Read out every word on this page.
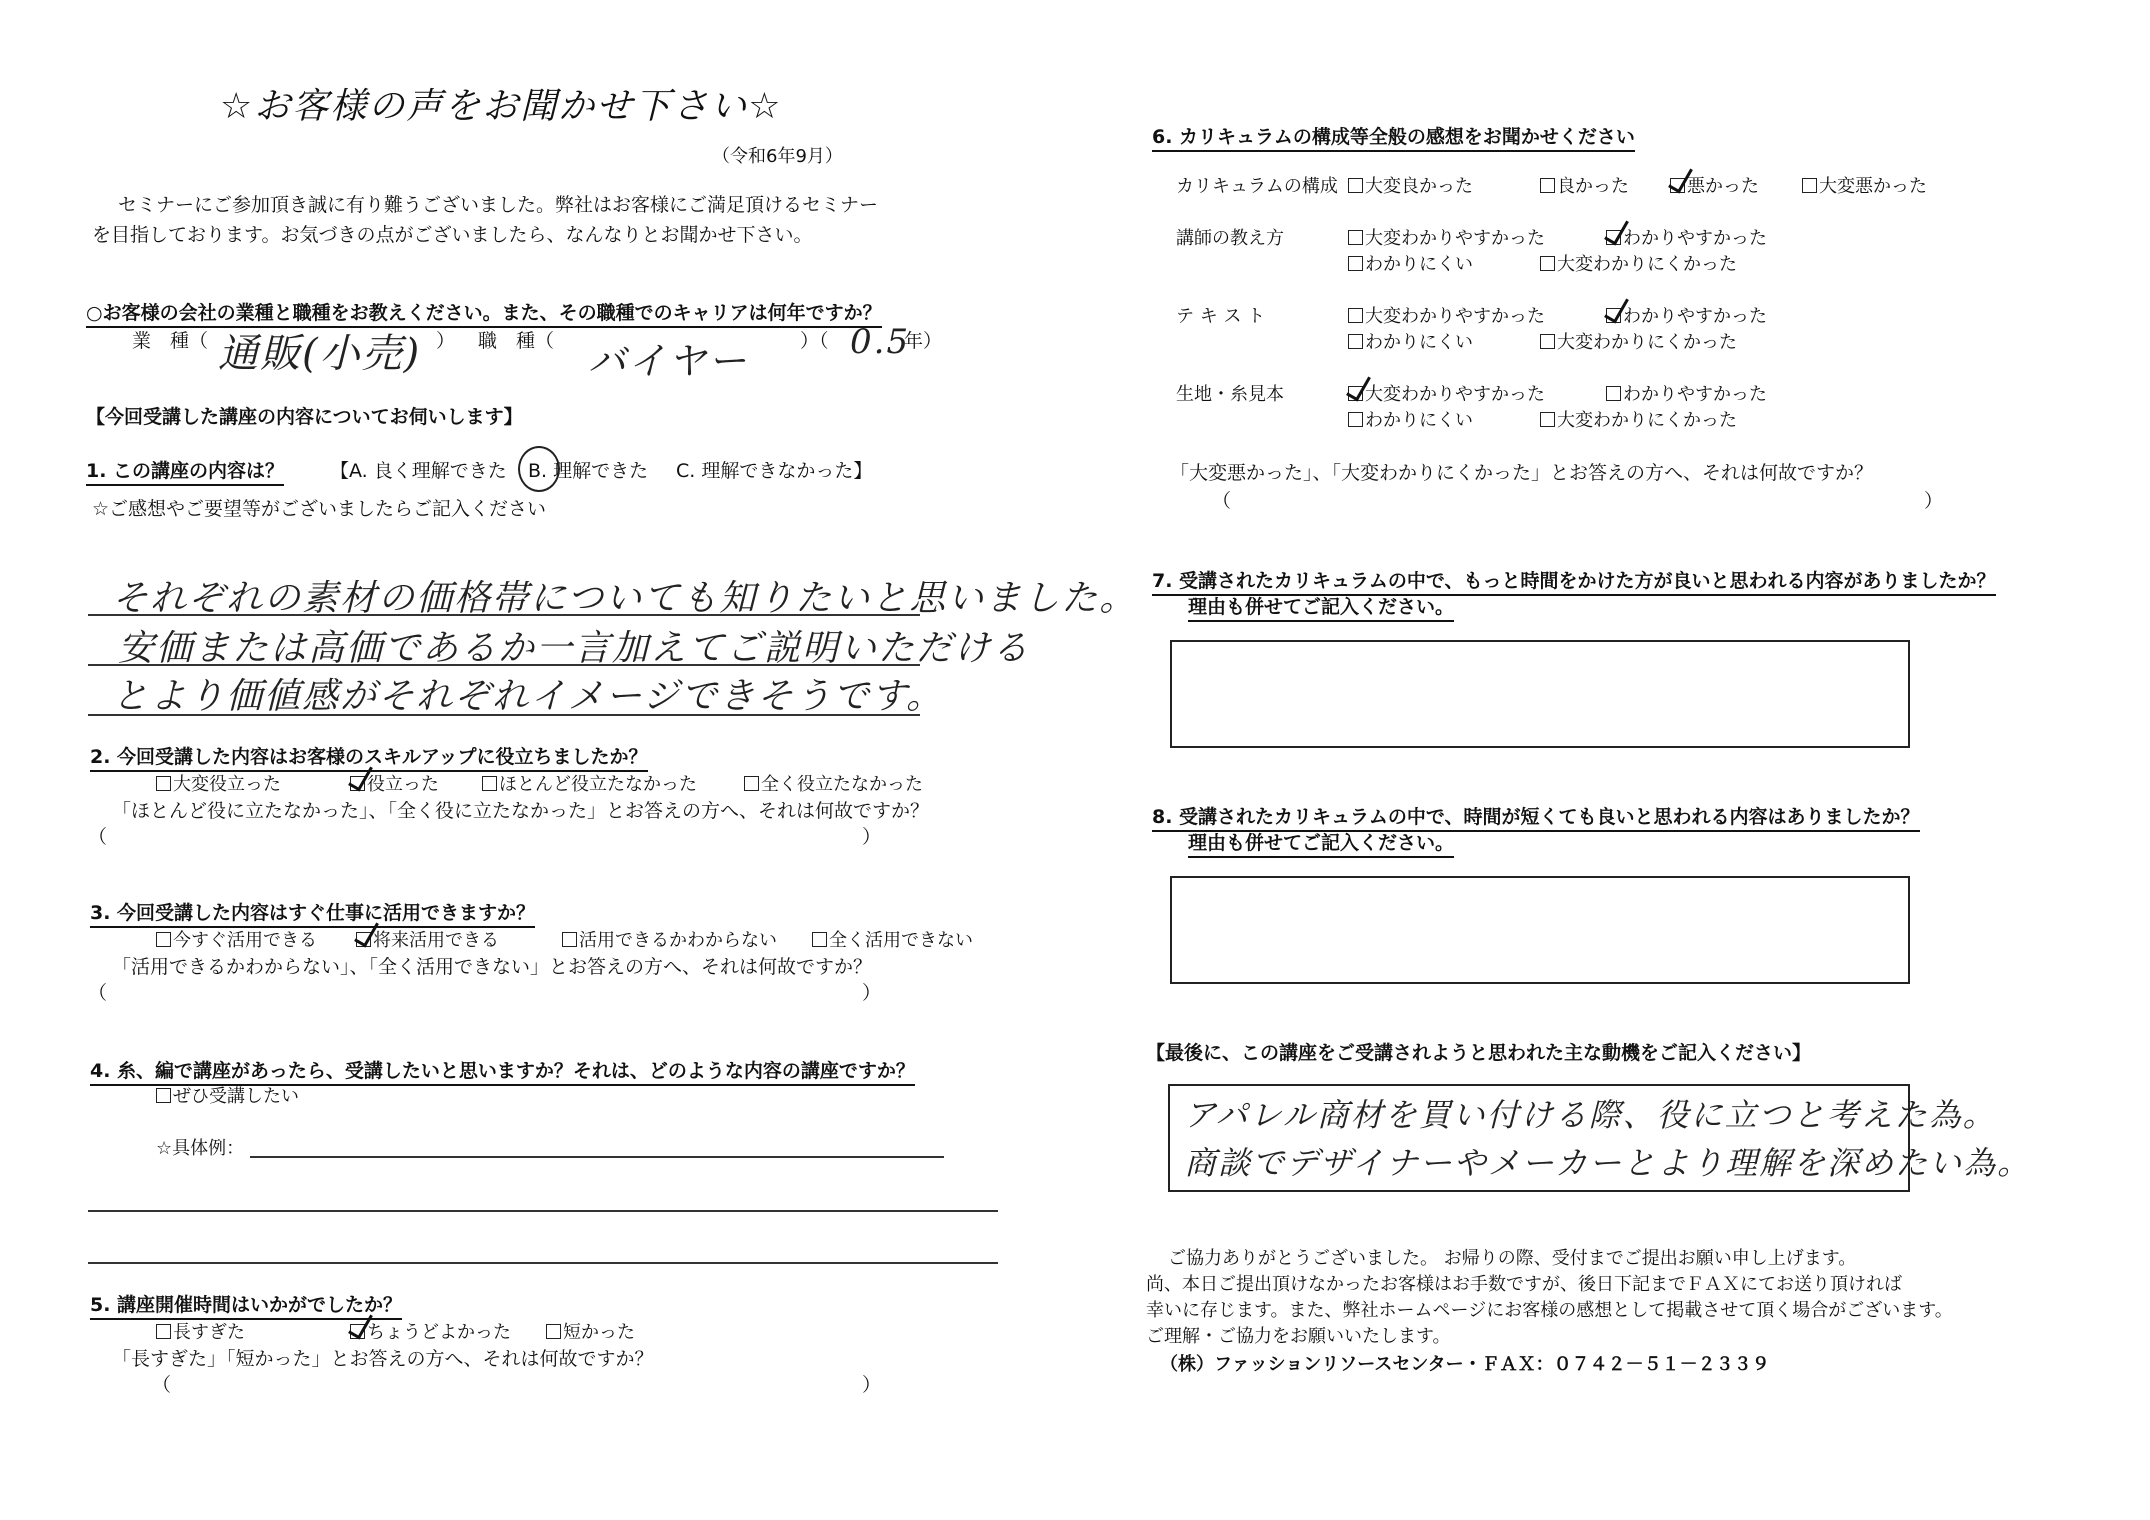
☆お客様の声をお聞かせ下さい☆
（令和6年9月）
セミナーにご参加頂き誠に有り難うございました。弊社はお客様にご満足頂けるセミナー
を目指しております。お気づきの点がございましたら、なんなりとお聞かせ下さい。
○お客様の会社の業種と職種をお教えください。また、その職種でのキャリアは何年ですか？
業　種（ 通販(小売) ） 職　種（ バイヤー	）（ 0.5
年）
【今回受講した講座の内容についてお伺いします】
1. この講座の内容は？ 【A. 良く理解できた B. 理解できた C. 理解できなかった】
☆ご感想やご要望等がございましたらご記入ください
それぞれの素材の価格帯についても知りたいと思いました。
安価または高価であるか一言加えてご説明いただける
とより価値感がそれぞれイメージできそうです。
2. 今回受講した内容はお客様のスキルアップに役立ちましたか？
大変役立った	役立った	ほとんど役立たなかった	全く役立たなかった
「ほとんど役に立たなかった」、「全く役に立たなかった」とお答えの方へ、それは何故ですか？
（	）
3. 今回受講した内容はすぐ仕事に活用できますか？
今すぐ活用できる	将来活用できる	活用できるかわからない	全く活用できない
「活用できるかわからない」、「全く活用できない」とお答えの方へ、それは何故ですか？
（	）
4. 糸、編で講座があったら、受講したいと思いますか？それは、どのような内容の講座ですか？
ぜひ受講したい
☆具体例：
5. 講座開催時間はいかがでしたか？
長すぎた	ちょうどよかった	短かった
「長すぎた」「短かった」とお答えの方へ、それは何故ですか？
（	）
6. カリキュラムの構成等全般の感想をお聞かせください
カリキュラムの構成	大変良かった	良かった	悪かった	大変悪かった
講師の教え方	大変わかりやすかった	わかりやすかった
わかりにくい	大変わかりにくかった
テ キ ス ト	大変わかりやすかった	わかりやすかった
わかりにくい	大変わかりにくかった
生地・糸見本	大変わかりやすかった	わかりやすかった
わかりにくい	大変わかりにくかった
「大変悪かった」、「大変わかりにくかった」とお答えの方へ、それは何故ですか？
（	）
7. 受講されたカリキュラムの中で、もっと時間をかけた方が良いと思われる内容がありましたか？
理由も併せてご記入ください。
8. 受講されたカリキュラムの中で、時間が短くても良いと思われる内容はありましたか？
理由も併せてご記入ください。
【最後に、この講座をご受講されようと思われた主な動機をご記入ください】
アパレル商材を買い付ける際、役に立つと考えた為。
商談でデザイナーやメーカーとより理解を深めたい為。
ご協力ありがとうございました。 お帰りの際、受付までご提出お願い申し上げます。
尚、本日ご提出頂けなかったお客様はお手数ですが、後日下記までＦＡＸにてお送り頂ければ
幸いに存じます。また、弊社ホームページにお客様の感想として掲載させて頂く場合がございます。
ご理解・ご協力をお願いいたします。
（株）ファッションリソースセンター・ＦＡＸ：０７４２－５１－２３３９
